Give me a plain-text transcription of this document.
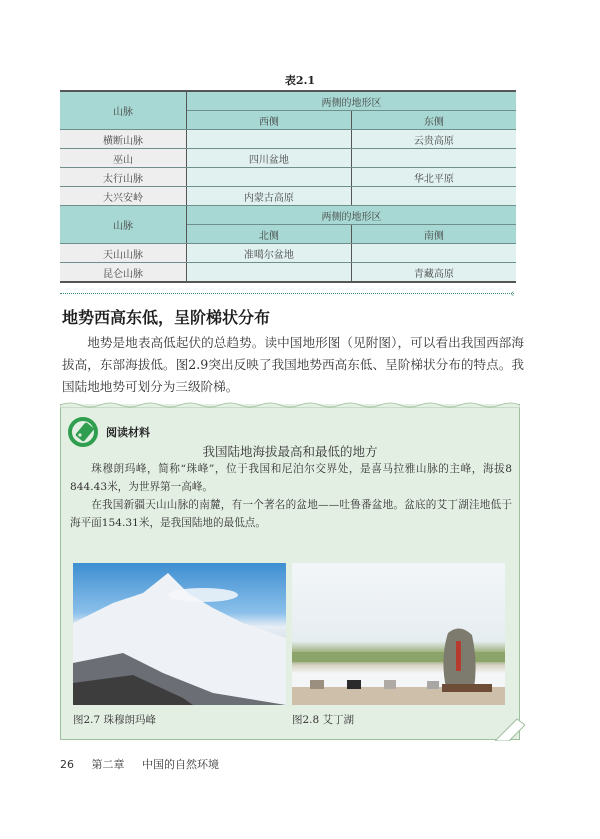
表2.1
山脉	两侧的地形区	
	西侧	东侧
横断山脉		云贵高原
巫山	四川盆地	
太行山脉		华北平原
大兴安岭	内蒙古高原	
山脉	两侧的地形区	
	北侧	南侧
天山山脉	准噶尔盆地	
昆仑山脉		青藏高原
‹
地势西高东低，呈阶梯状分布

地势是地表高低起伏的总趋势。读中国地形图（见附图），可以看出我国西部海拔高，东部海拔低。图2.9突出反映了我国地势西高东低、呈阶梯状分布的特点。我国陆地地势可划分为三级阶梯。

阅读材料
我国陆地海拔最高和最低的地方

珠穆朗玛峰，简称“珠峰”，位于我国和尼泊尔交界处，是喜马拉雅山脉的主峰，海拔8 844.43米，为世界第一高峰。

在我国新疆天山山脉的南麓，有一个著名的盆地——吐鲁番盆地。盆底的艾丁湖洼地低于海平面154.31米，是我国陆地的最低点。

图2.7 珠穆朗玛峰	图2.8 艾丁湖
26 第二章 中国的自然环境
